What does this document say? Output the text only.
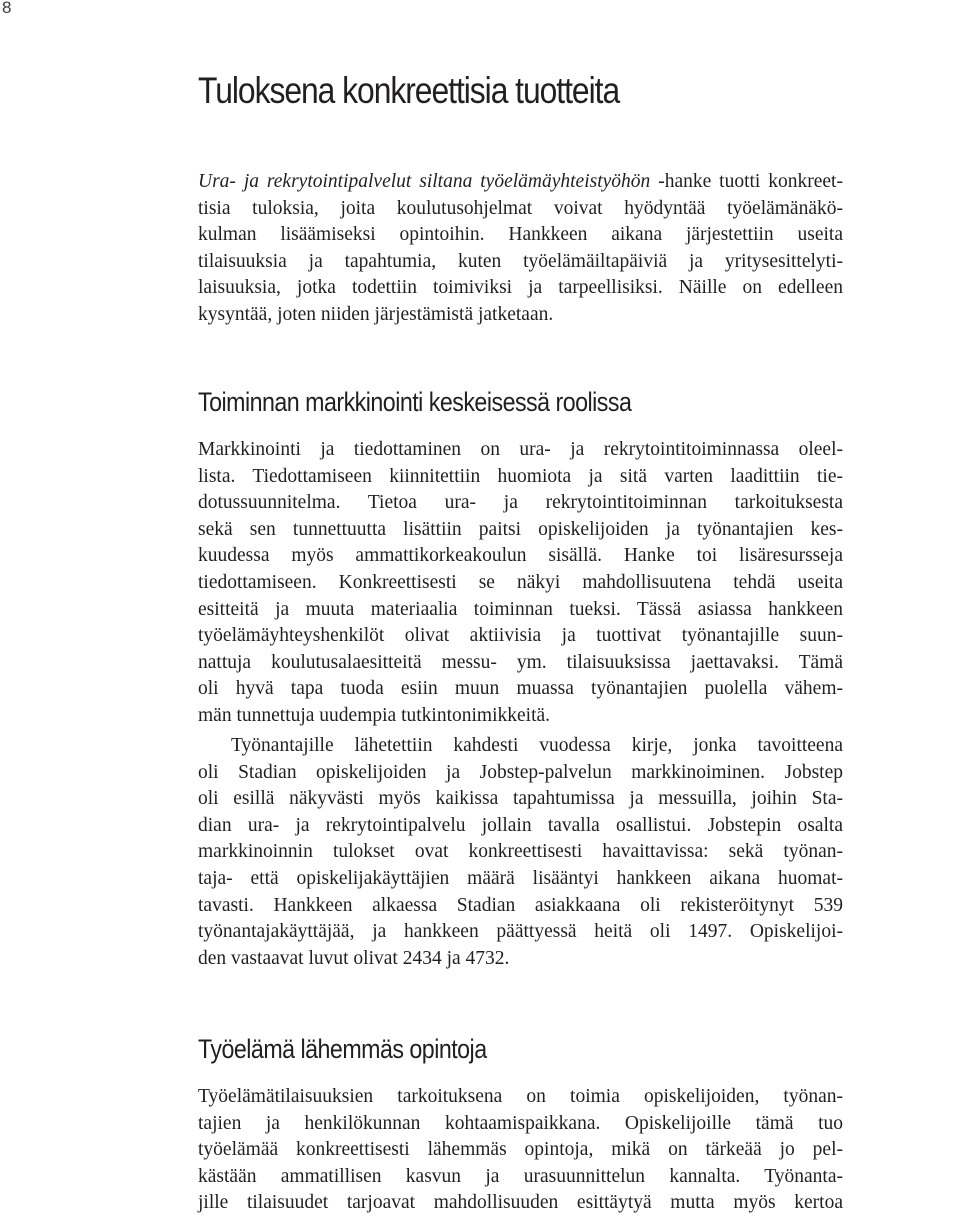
8
Tuloksena konkreettisia tuotteita
Ura- ja rekrytointipalvelut siltana työelämäyhteistyöhön -hanke tuotti konkreet-
tisia tuloksia, joita koulutusohjelmat voivat hyödyntää työelämänäkö-
kulman lisäämiseksi opintoihin. Hankkeen aikana järjestettiin useita
tilaisuuksia ja tapahtumia, kuten työelämäiltapäiviä ja yritysesittelyti-
laisuuksia, jotka todettiin toimiviksi ja tarpeellisiksi. Näille on edelleen
kysyntää, joten niiden järjestämistä jatketaan.
Toiminnan markkinointi keskeisessä roolissa
Markkinointi ja tiedottaminen on ura- ja rekrytointitoiminnassa oleel-
lista. Tiedottamiseen kiinnitettiin huomiota ja sitä varten laadittiin tie-
dotussuunnitelma. Tietoa ura- ja rekrytointitoiminnan tarkoituksesta
sekä sen tunnettuutta lisättiin paitsi opiskelijoiden ja työnantajien kes-
kuudessa myös ammattikorkeakoulun sisällä. Hanke toi lisäresursseja
tiedottamiseen. Konkreettisesti se näkyi mahdollisuutena tehdä useita
esitteitä ja muuta materiaalia toiminnan tueksi. Tässä asiassa hankkeen
työelämäyhteyshenkilöt olivat aktiivisia ja tuottivat työnantajille suun-
nattuja koulutusalaesitteitä messu- ym. tilaisuuksissa jaettavaksi. Tämä
oli hyvä tapa tuoda esiin muun muassa työnantajien puolella vähem-
män tunnettuja uudempia tutkintonimikkeitä.
Työnantajille lähetettiin kahdesti vuodessa kirje, jonka tavoitteena
oli Stadian opiskelijoiden ja Jobstep-palvelun markkinoiminen. Jobstep
oli esillä näkyvästi myös kaikissa tapahtumissa ja messuilla, joihin Sta-
dian ura- ja rekrytointipalvelu jollain tavalla osallistui. Jobstepin osalta
markkinoinnin tulokset ovat konkreettisesti havaittavissa: sekä työnan-
taja- että opiskelijakäyttäjien määrä lisääntyi hankkeen aikana huomat-
tavasti. Hankkeen alkaessa Stadian asiakkaana oli rekisteröitynyt 539
työnantajakäyttäjää, ja hankkeen päättyessä heitä oli 1497. Opiskelijoi-
den vastaavat luvut olivat 2434 ja 4732.
Työelämä lähemmäs opintoja
Työelämätilaisuuksien tarkoituksena on toimia opiskelijoiden, työnan-
tajien ja henkilökunnan kohtaamispaikkana. Opiskelijoille tämä tuo
työelämää konkreettisesti lähemmäs opintoja, mikä on tärkeää jo pel-
kästään ammatillisen kasvun ja urasuunnittelun kannalta. Työnanta-
jille tilaisuudet tarjoavat mahdollisuuden esittäytyä mutta myös kertoa
